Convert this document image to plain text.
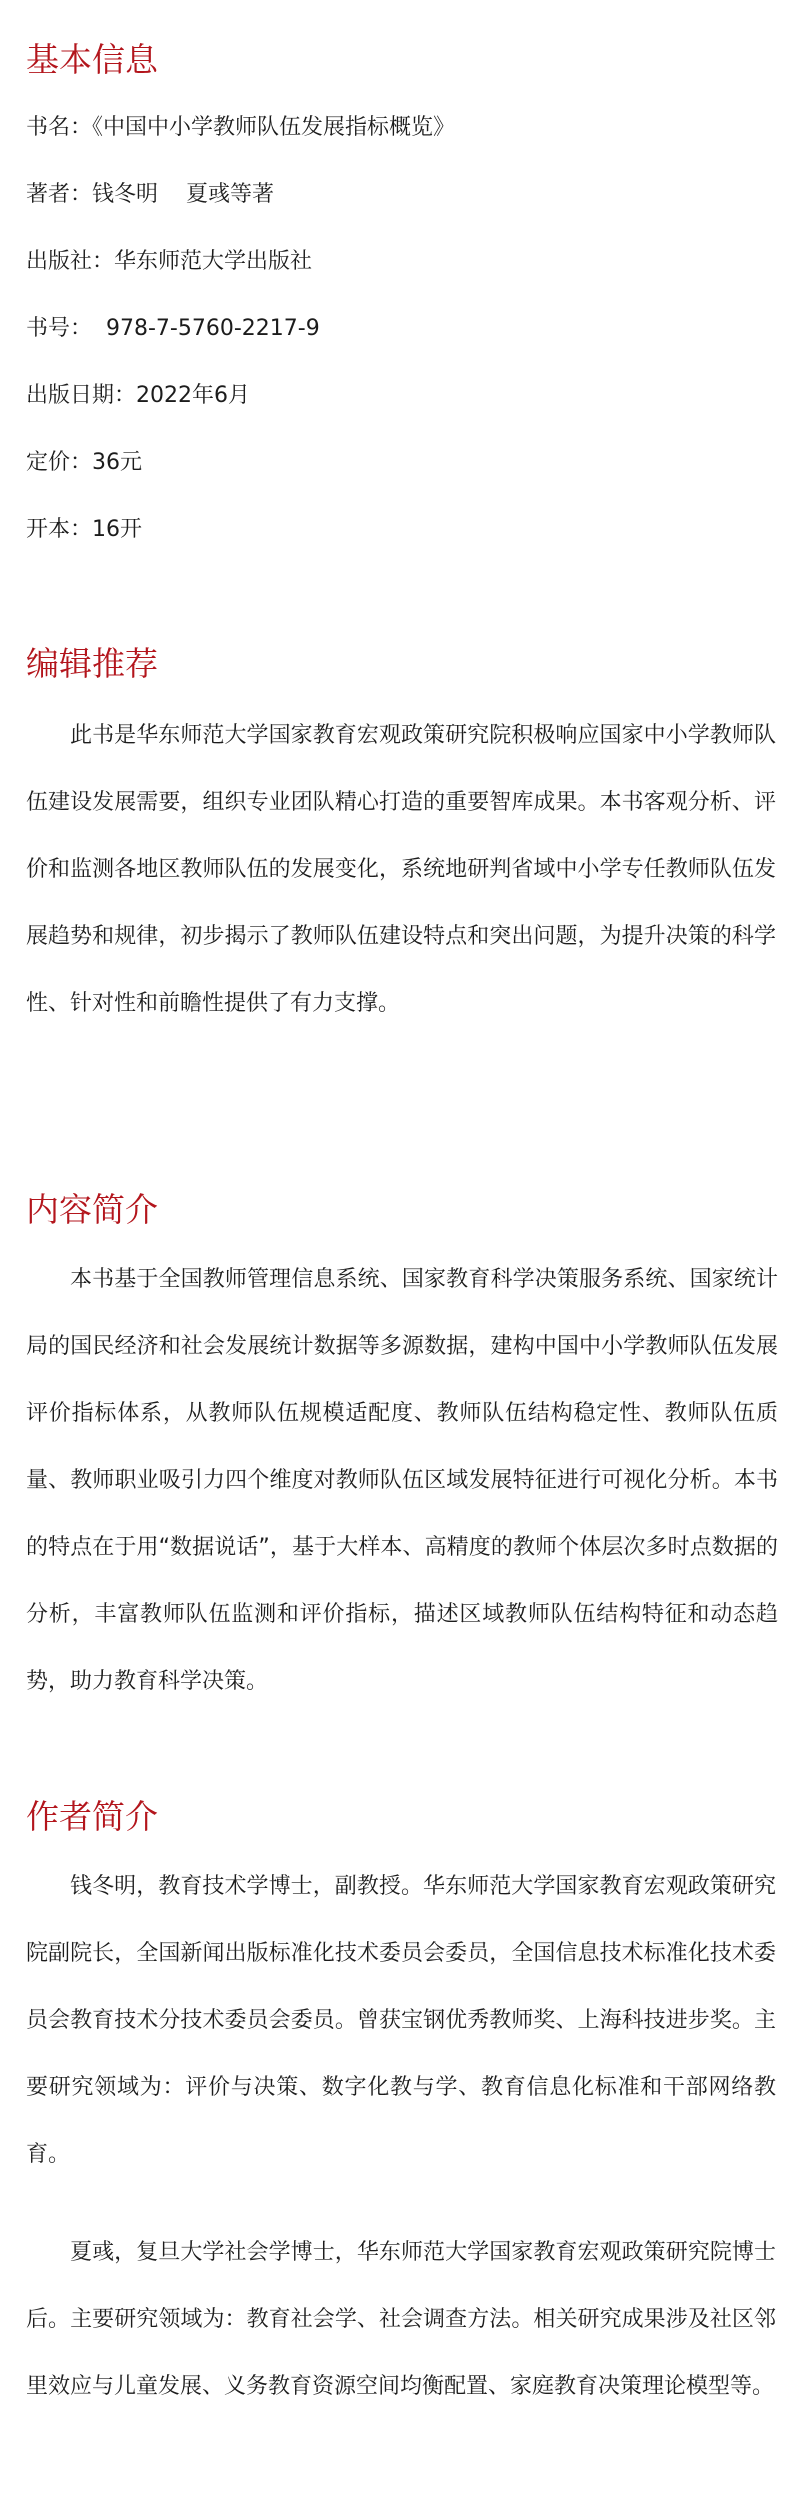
基本信息

书名：《中国中小学教师队伍发展指标概览》

著者：钱冬明    夏彧等著

出版社：华东师范大学出版社

书号：  978-7-5760-2217-9

出版日期：2022年6月

定价：36元

开本：16开

编辑推荐

此书是华东师范大学国家教育宏观政策研究院积极响应国家中小学教师队伍建设发展需要，组织专业团队精心打造的重要智库成果。本书客观分析、评价和监测各地区教师队伍的发展变化，系统地研判省域中小学专任教师队伍发展趋势和规律，初步揭示了教师队伍建设特点和突出问题，为提升决策的科学性、针对性和前瞻性提供了有力支撑。

内容简介

本书基于全国教师管理信息系统、国家教育科学决策服务系统、国家统计局的国民经济和社会发展统计数据等多源数据，建构中国中小学教师队伍发展评价指标体系，从教师队伍规模适配度、教师队伍结构稳定性、教师队伍质量、教师职业吸引力四个维度对教师队伍区域发展特征进行可视化分析。本书的特点在于用“数据说话”，基于大样本、高精度的教师个体层次多时点数据的分析，丰富教师队伍监测和评价指标，描述区域教师队伍结构特征和动态趋势，助力教育科学决策。

作者简介

钱冬明，教育技术学博士，副教授。华东师范大学国家教育宏观政策研究院副院长，全国新闻出版标准化技术委员会委员，全国信息技术标准化技术委员会教育技术分技术委员会委员。曾获宝钢优秀教师奖、上海科技进步奖。主要研究领域为：评价与决策、数字化教与学、教育信息化标准和干部网络教育。

夏彧，复旦大学社会学博士，华东师范大学国家教育宏观政策研究院博士后。主要研究领域为：教育社会学、社会调查方法。相关研究成果涉及社区邻里效应与儿童发展、义务教育资源空间均衡配置、家庭教育决策理论模型等。
